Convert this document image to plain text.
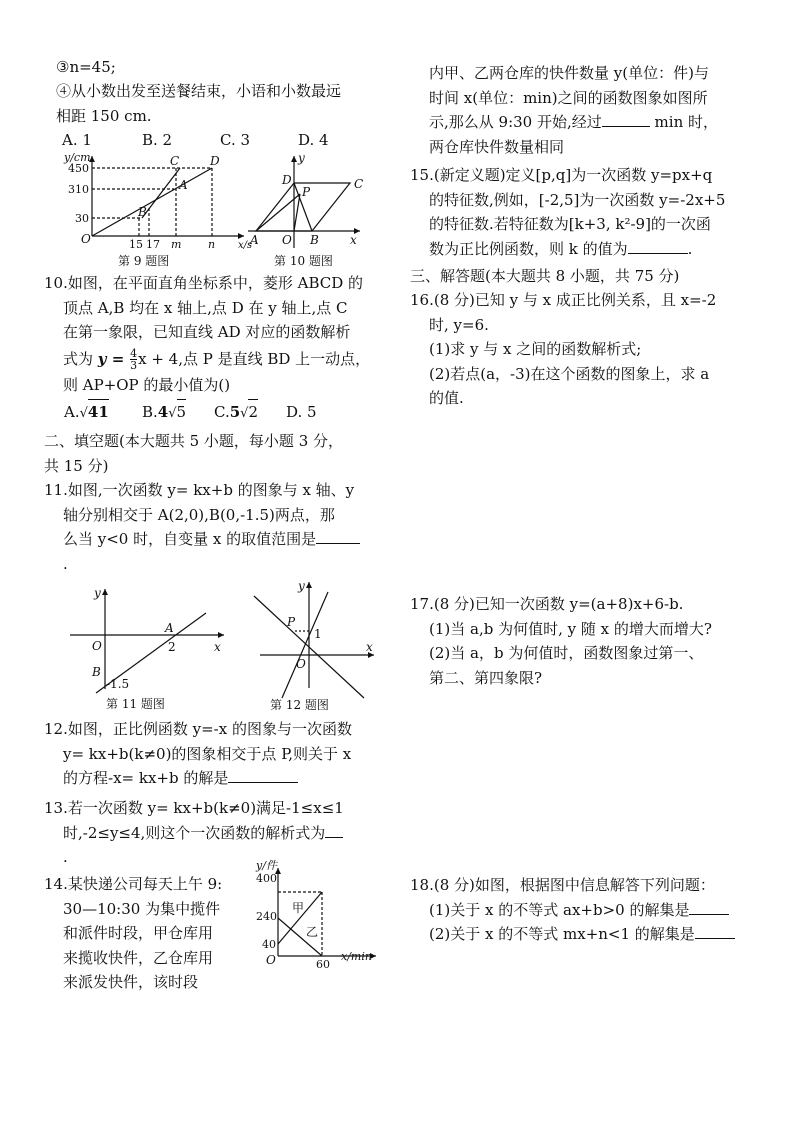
③n=45;
④从小数出发至送餐结束，小语和小数最远
相距 150 cm.
A. 1	B. 2	C. 3	D. 4
y/cm
x/s
C	D
A
B
O
450
310
30
15 17 m n
第 9 题图
D
P
C
A O B	x
y
第 10 题图
10.如图，在平面直角坐标系中，菱形 ABCD 的
顶点 A,B 均在 x 轴上,点 D 在 y 轴上,点 C
在第一象限，已知直线 AD 对应的函数解析
式为 $y = \frac{4}{3}$ x + 4,点 P 是直线 BD 上一动点，
则 AP+OP 的最小值为()
A.√41 B.4√5 C.5√2 D. 5
二、填空题(本大题共 5 小题，每小题 3 分，
共 15 分)
11.如图,一次函数 y= kx+b 的图象与 x 轴、y
轴分别相交于 A(2,0),B(0,-1.5)两点，那
么当 y<0 时，自变量 x 的取值范围是
.
y
A
O	2	x
B
-1.5
第 11 题图
y
P
1
O
x
第 12 题图
12.如图，正比例函数 y=-x 的图象与一次函数
y= kx+b(k≠0)的图象相交于点 P,则关于 x
的方程-x= kx+b 的解是
13.若一次函数 y= kx+b(k≠0)满足-1≤x≤1
时,-2≤y≤4,则这个一次函数的解析式为
.
14.某快递公司每天上午 9:
30—10:30 为集中揽件
和派件时段，甲仓库用
来揽收快件，乙仓库用
来派发快件，该时段
400
240
40
60
x/min
y/件
甲
乙
O
内甲、乙两仓库的快件数量 y(单位：件)与
时间 x(单位：min)之间的函数图象如图所
示,那么从 9:30 开始,经过	min 时，
两仓库快件数量相同
15.(新定义题)定义[p,q]为一次函数 y=px+q
的特征数,例如，[-2,5]为一次函数 y=-2x+5
的特征数.若特征数为[k+3, k²-9]的一次函
数为正比例函数，则 k 的值为	.
三、解答题(本大题共 8 小题，共 75 分)
16.(8 分)已知 y 与 x 成正比例关系，且 x=-2
时, y=6.
(1)求 y 与 x 之间的函数解析式;
(2)若点(a，-3)在这个函数的图象上，求 a
的值.
17.(8 分)已知一次函数 y=(a+8)x+6-b.
(1)当 a,b 为何值时, y 随 x 的增大而增大?
(2)当 a，b 为何值时，函数图象过第一、
第二、第四象限?
18.(8 分)如图，根据图中信息解答下列问题：
(1)关于 x 的不等式 ax+b>0 的解集是
(2)关于 x 的不等式 mx+n<1 的解集是
